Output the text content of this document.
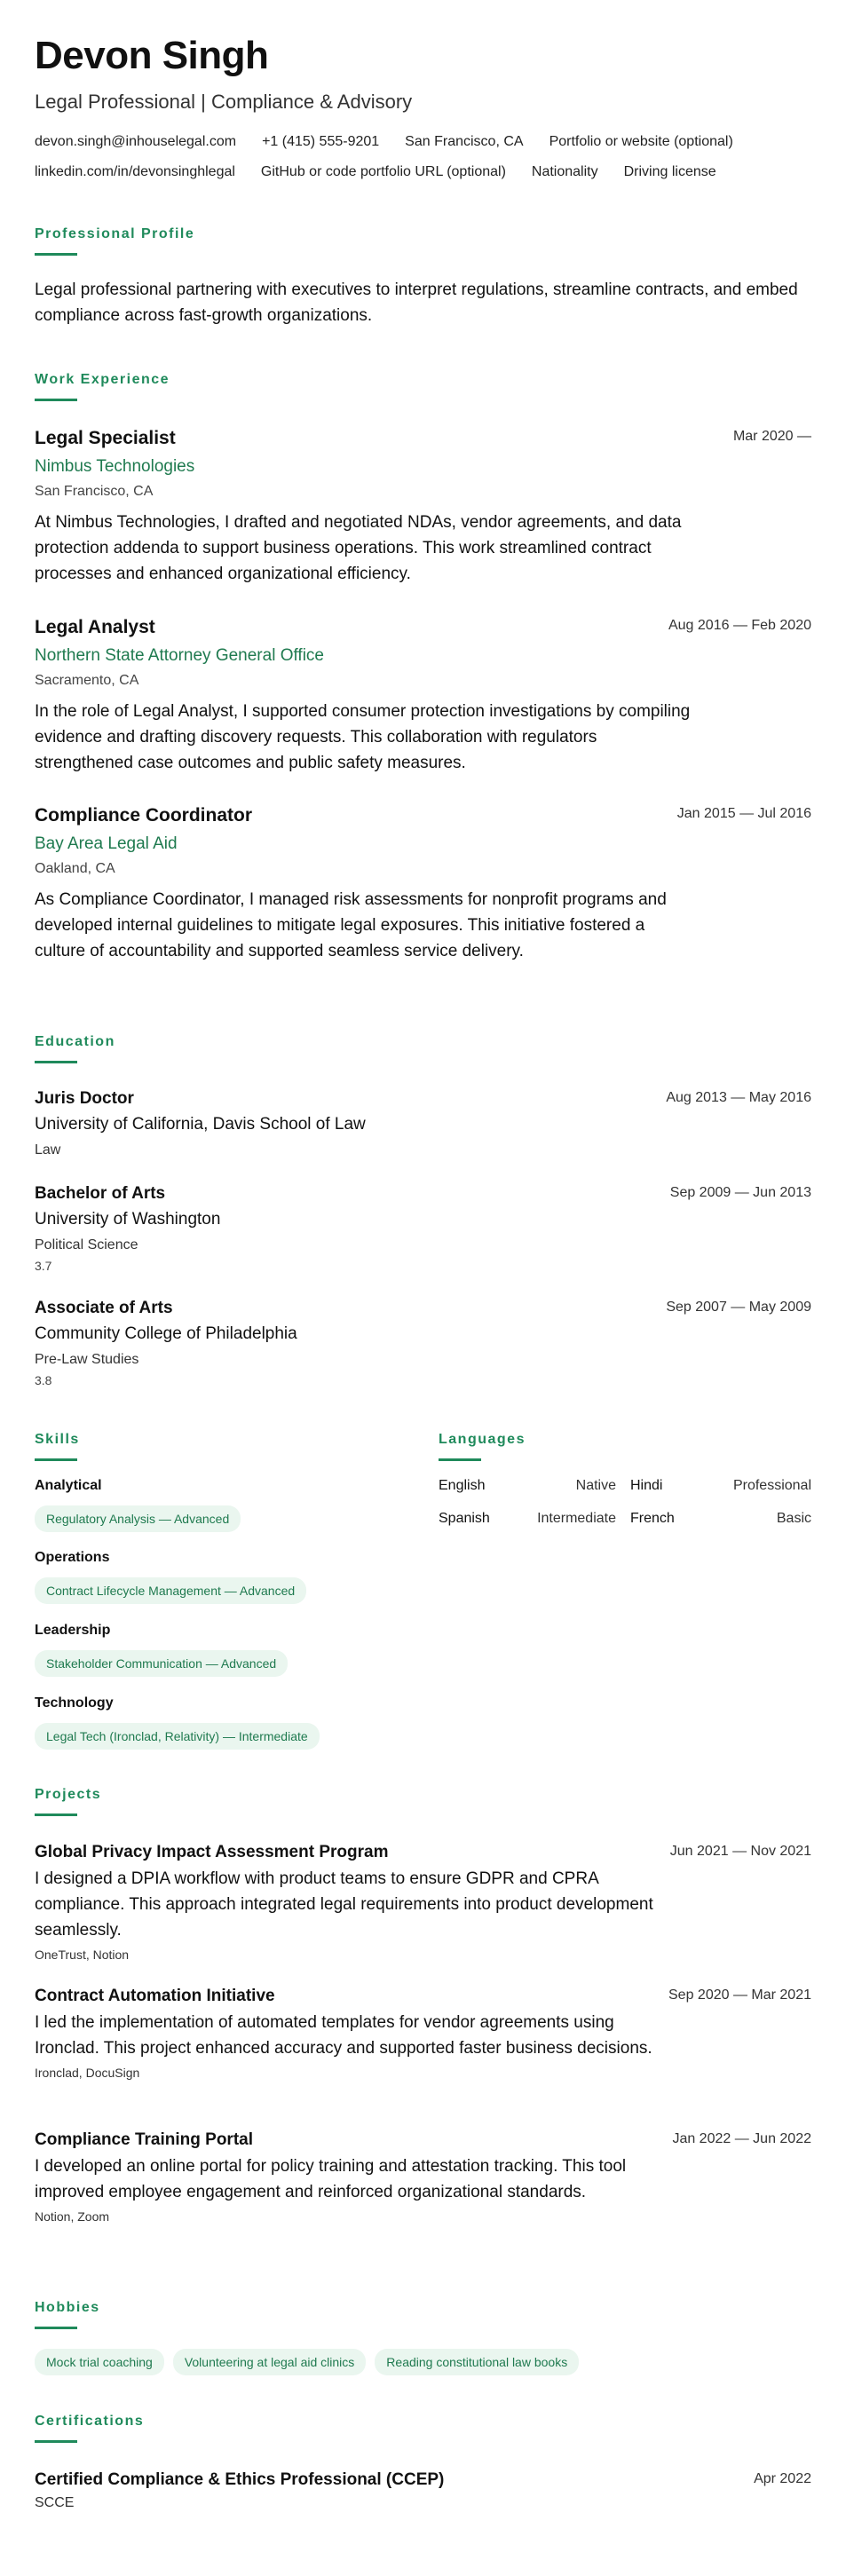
Devon Singh
Legal Professional | Compliance & Advisory
devon.singh@inhouselegal.com +1 (415) 555-9201 San Francisco, CA Portfolio or website (optional)
linkedin.com/in/devonsinghlegal GitHub or code portfolio URL (optional) Nationality Driving license
Professional Profile
Legal professional partnering with executives to interpret regulations, streamline contracts, and embed compliance across fast-growth organizations.
Work Experience
Legal Specialist	Mar 2020 —
Nimbus Technologies
San Francisco, CA
At Nimbus Technologies, I drafted and negotiated NDAs, vendor agreements, and data protection addenda to support business operations. This work streamlined contract processes and enhanced organizational efficiency.
Legal Analyst	Aug 2016 — Feb 2020
Northern State Attorney General Office
Sacramento, CA
In the role of Legal Analyst, I supported consumer protection investigations by compiling evidence and drafting discovery requests. This collaboration with regulators strengthened case outcomes and public safety measures.
Compliance Coordinator	Jan 2015 — Jul 2016
Bay Area Legal Aid
Oakland, CA
As Compliance Coordinator, I managed risk assessments for nonprofit programs and developed internal guidelines to mitigate legal exposures. This initiative fostered a culture of accountability and supported seamless service delivery.
Education
Juris Doctor	Aug 2013 — May 2016
University of California, Davis School of Law
Law
Bachelor of Arts	Sep 2009 — Jun 2013
University of Washington
Political Science
3.7
Associate of Arts	Sep 2007 — May 2009
Community College of Philadelphia
Pre-Law Studies
3.8
Skills
Analytical
Regulatory Analysis — Advanced
Operations
Contract Lifecycle Management — Advanced
Leadership
Stakeholder Communication — Advanced
Technology
Legal Tech (Ironclad, Relativity) — Intermediate
Languages
English	Native Hindi	Professional
Spanish	Intermediate French	Basic
Projects
Global Privacy Impact Assessment Program	Jun 2021 — Nov 2021
I designed a DPIA workflow with product teams to ensure GDPR and CPRA compliance. This approach integrated legal requirements into product development seamlessly.
OneTrust, Notion
Contract Automation Initiative	Sep 2020 — Mar 2021
I led the implementation of automated templates for vendor agreements using Ironclad. This project enhanced accuracy and supported faster business decisions.
Ironclad, DocuSign
Compliance Training Portal	Jan 2022 — Jun 2022
I developed an online portal for policy training and attestation tracking. This tool improved employee engagement and reinforced organizational standards.
Notion, Zoom
Hobbies
Mock trial coaching	Volunteering at legal aid clinics	Reading constitutional law books
Certifications
Certified Compliance & Ethics Professional (CCEP)	Apr 2022
SCCE
